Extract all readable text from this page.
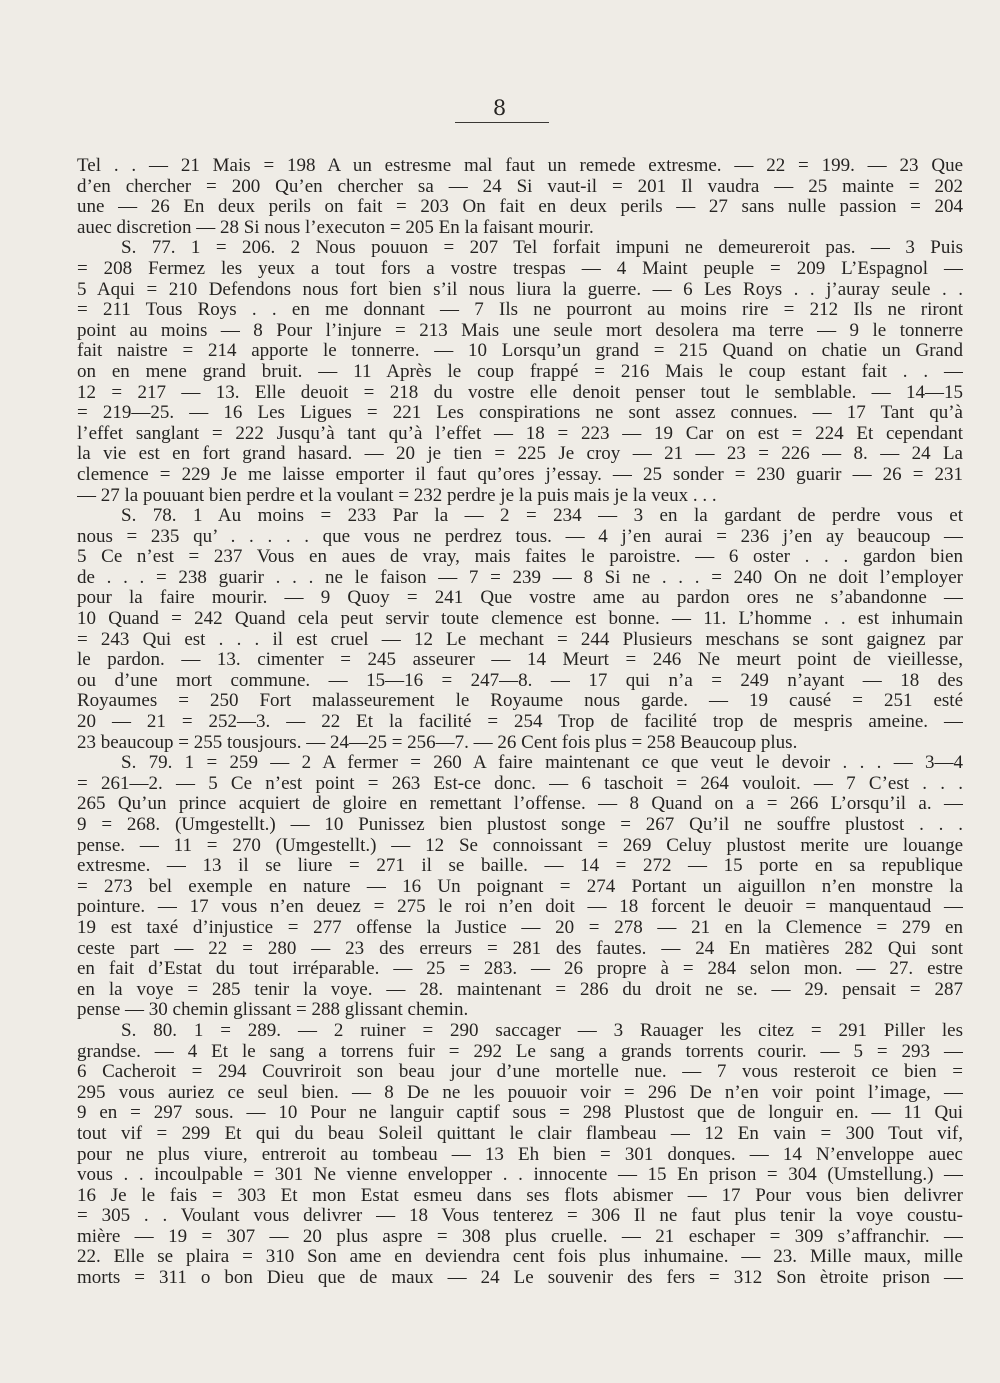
8
Tel . . — 21 Mais = 198 A un estresme mal faut un remede extresme. — 22 = 199. — 23 Que
d’en chercher = 200 Qu’en chercher sa — 24 Si vaut-il = 201 Il vaudra — 25 mainte = 202
une — 26 En deux perils on fait = 203 On fait en deux perils — 27 sans nulle passion = 204
auec discretion — 28 Si nous l’executon = 205 En la faisant mourir.
S. 77. 1 = 206. 2 Nous pouuon = 207 Tel forfait impuni ne demeureroit pas. — 3 Puis
= 208 Fermez les yeux a tout fors a vostre trespas — 4 Maint peuple = 209 L’Espagnol —
5 Aqui = 210 Defendons nous fort bien s’il nous liura la guerre. — 6 Les Roys . . j’auray seule . .
= 211 Tous Roys . . en me donnant — 7 Ils ne pourront au moins rire = 212 Ils ne riront
point au moins — 8 Pour l’injure = 213 Mais une seule mort desolera ma terre — 9 le tonnerre
fait naistre = 214 apporte le tonnerre. — 10 Lorsqu’un grand = 215 Quand on chatie un Grand
on en mene grand bruit. — 11 Après le coup frappé = 216 Mais le coup estant fait . . —
12 = 217 — 13. Elle deuoit = 218 du vostre elle denoit penser tout le semblable. — 14—15
= 219—25. — 16 Les Ligues = 221 Les conspirations ne sont assez connues. — 17 Tant qu’à
l’effet sanglant = 222 Jusqu’à tant qu’à l’effet — 18 = 223 — 19 Car on est = 224 Et cependant
la vie est en fort grand hasard. — 20 je tien = 225 Je croy — 21 — 23 = 226 — 8. — 24 La
clemence = 229 Je me laisse emporter il faut qu’ores j’essay. — 25 sonder = 230 guarir — 26 = 231
— 27 la pouuant bien perdre et la voulant = 232 perdre je la puis mais je la veux . . .
S. 78. 1 Au moins = 233 Par la — 2 = 234 — 3 en la gardant de perdre vous et
nous = 235 qu’ . . . . . que vous ne perdrez tous. — 4 j’en aurai = 236 j’en ay beaucoup —
5 Ce n’est = 237 Vous en aues de vray, mais faites le paroistre. — 6 oster . . . gardon bien
de . . . = 238 guarir . . . ne le faison — 7 = 239 — 8 Si ne . . . = 240 On ne doit l’employer
pour la faire mourir. — 9 Quoy = 241 Que vostre ame au pardon ores ne s’abandonne —
10 Quand = 242 Quand cela peut servir toute clemence est bonne. — 11. L’homme . . est inhumain
= 243 Qui est . . . il est cruel — 12 Le mechant = 244 Plusieurs meschans se sont gaignez par
le pardon. — 13. cimenter = 245 asseurer — 14 Meurt = 246 Ne meurt point de vieillesse,
ou d’une mort commune. — 15—16 = 247—8. — 17 qui n’a = 249 n’ayant — 18 des
Royaumes = 250 Fort malasseurement le Royaume nous garde. — 19 causé = 251 esté
20 — 21 = 252—3. — 22 Et la facilité = 254 Trop de facilité trop de mespris ameine. —
23 beaucoup = 255 tousjours. — 24—25 = 256—7. — 26 Cent fois plus = 258 Beaucoup plus.
S. 79. 1 = 259 — 2 A fermer = 260 A faire maintenant ce que veut le devoir . . . — 3—4
= 261—2. — 5 Ce n’est point = 263 Est-ce donc. — 6 taschoit = 264 vouloit. — 7 C’est . . .
265 Qu’un prince acquiert de gloire en remettant l’offense. — 8 Quand on a = 266 L’orsqu’il a. —
9 = 268. (Umgestellt.) — 10 Punissez bien plustost songe = 267 Qu’il ne souffre plustost . . .
pense. — 11 = 270 (Umgestellt.) — 12 Se connoissant = 269 Celuy plustost merite ure louange
extresme. — 13 il se liure = 271 il se baille. — 14 = 272 — 15 porte en sa republique
= 273 bel exemple en nature — 16 Un poignant = 274 Portant un aiguillon n’en monstre la
pointure. — 17 vous n’en deuez = 275 le roi n’en doit — 18 forcent le deuoir = manquentaud —
19 est taxé d’injustice = 277 offense la Justice — 20 = 278 — 21 en la Clemence = 279 en
ceste part — 22 = 280 — 23 des erreurs = 281 des fautes. — 24 En matières 282 Qui sont
en fait d’Estat du tout irréparable. — 25 = 283. — 26 propre à = 284 selon mon. — 27. estre
en la voye = 285 tenir la voye. — 28. maintenant = 286 du droit ne se. — 29. pensait = 287
pense — 30 chemin glissant = 288 glissant chemin.
S. 80. 1 = 289. — 2 ruiner = 290 saccager — 3 Rauager les citez = 291 Piller les
grandse. — 4 Et le sang a torrens fuir = 292 Le sang a grands torrents courir. — 5 = 293 —
6 Cacheroit = 294 Couvriroit son beau jour d’une mortelle nue. — 7 vous resteroit ce bien =
295 vous auriez ce seul bien. — 8 De ne les pouuoir voir = 296 De n’en voir point l’image, —
9 en = 297 sous. — 10 Pour ne languir captif sous = 298 Plustost que de longuir en. — 11 Qui
tout vif = 299 Et qui du beau Soleil quittant le clair flambeau — 12 En vain = 300 Tout vif,
pour ne plus viure, entreroit au tombeau — 13 Eh bien = 301 donques. — 14 N’enveloppe auec
vous . . incoulpable = 301 Ne vienne envelopper . . innocente — 15 En prison = 304 (Umstellung.) —
16 Je le fais = 303 Et mon Estat esmeu dans ses flots abismer — 17 Pour vous bien delivrer
= 305 . . Voulant vous delivrer — 18 Vous tenterez = 306 Il ne faut plus tenir la voye coustu-
mière — 19 = 307 — 20 plus aspre = 308 plus cruelle. — 21 eschaper = 309 s’affranchir. —
22. Elle se plaira = 310 Son ame en deviendra cent fois plus inhumaine. — 23. Mille maux, mille
morts = 311 o bon Dieu que de maux — 24 Le souvenir des fers = 312 Son ètroite prison —
